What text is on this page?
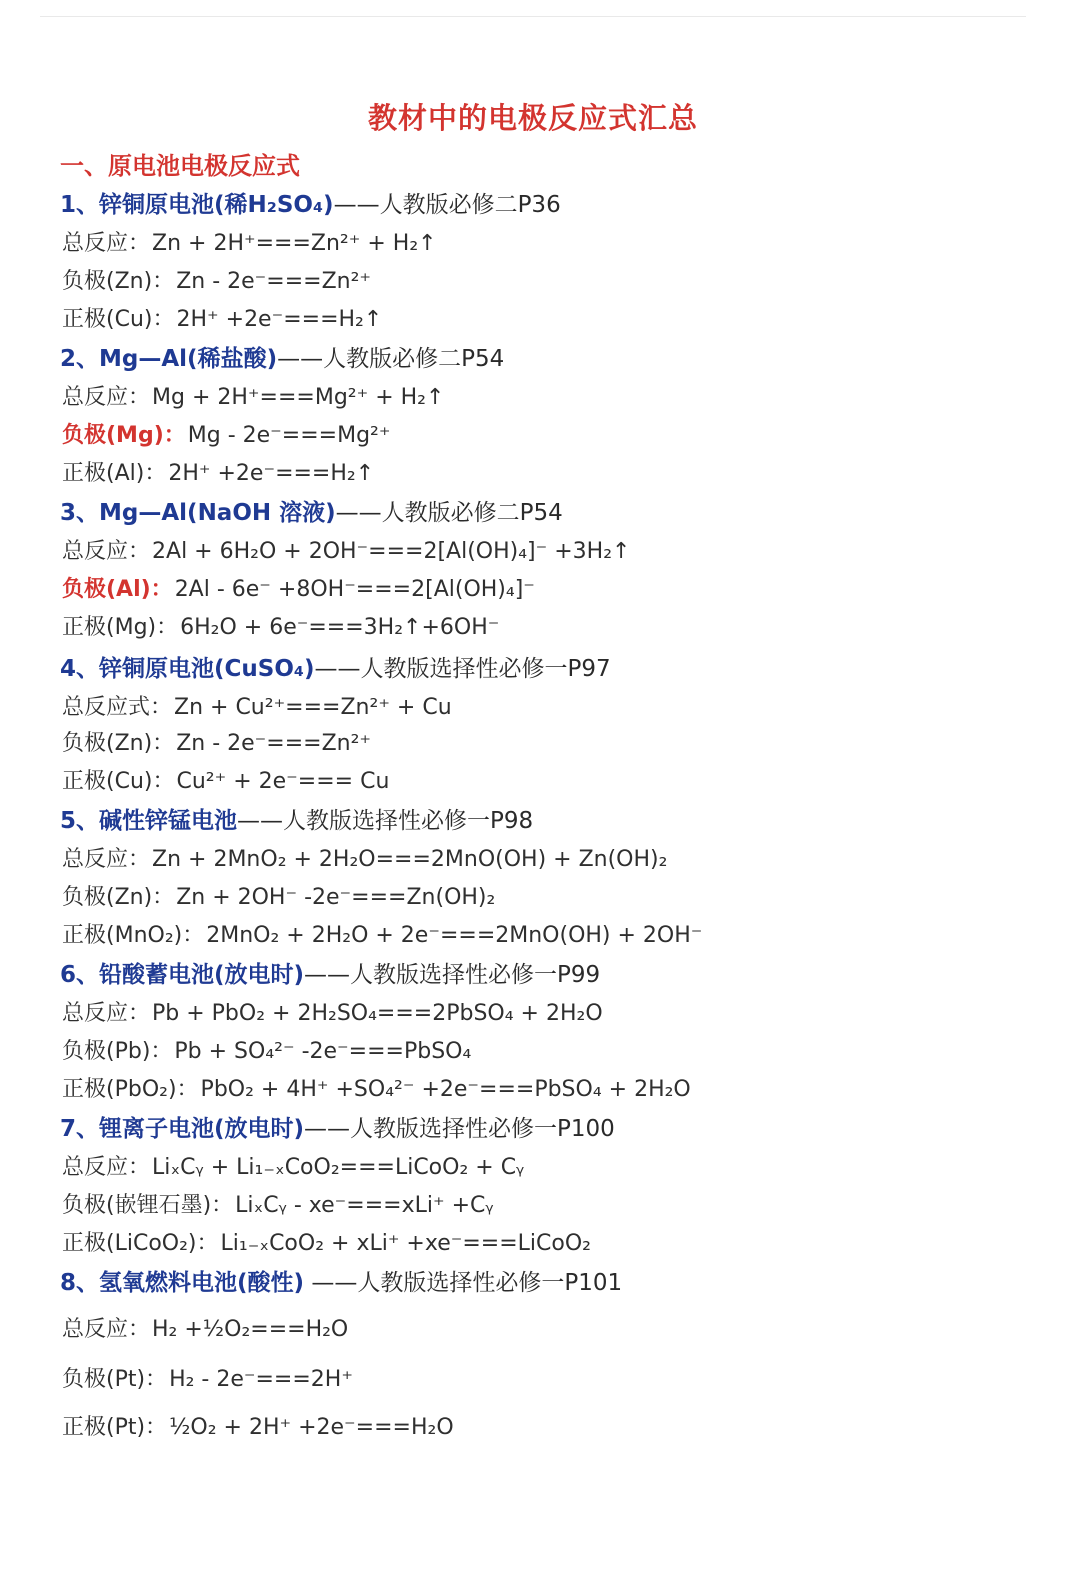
教材中的电极反应式汇总
一、原电池电极反应式
1、锌铜原电池(稀H₂SO₄)——人教版必修二P36
总反应：Zn + 2H⁺===Zn²⁺ + H₂↑
负极(Zn)：Zn - 2e⁻===Zn²⁺
正极(Cu)：2H⁺ +2e⁻===H₂↑
2、Mg—Al(稀盐酸)——人教版必修二P54
总反应：Mg + 2H⁺===Mg²⁺ + H₂↑
负极(Mg)：Mg - 2e⁻===Mg²⁺
正极(Al)：2H⁺ +2e⁻===H₂↑
3、Mg—Al(NaOH 溶液)——人教版必修二P54
总反应：2Al + 6H₂O + 2OH⁻===2[Al(OH)₄]⁻ +3H₂↑
负极(Al)：2Al - 6e⁻ +8OH⁻===2[Al(OH)₄]⁻
正极(Mg)：6H₂O + 6e⁻===3H₂↑+6OH⁻
4、锌铜原电池(CuSO₄)——人教版选择性必修一P97
总反应式：Zn + Cu²⁺===Zn²⁺ + Cu
负极(Zn)：Zn - 2e⁻===Zn²⁺
正极(Cu)：Cu²⁺ + 2e⁻=== Cu
5、碱性锌锰电池——人教版选择性必修一P98
总反应：Zn + 2MnO₂ + 2H₂O===2MnO(OH) + Zn(OH)₂
负极(Zn)：Zn + 2OH⁻ -2e⁻===Zn(OH)₂
正极(MnO₂)：2MnO₂ + 2H₂O + 2e⁻===2MnO(OH) + 2OH⁻
6、铅酸蓄电池(放电时)——人教版选择性必修一P99
总反应：Pb + PbO₂ + 2H₂SO₄===2PbSO₄ + 2H₂O
负极(Pb)：Pb + SO₄²⁻ -2e⁻===PbSO₄
正极(PbO₂)：PbO₂ + 4H⁺ +SO₄²⁻ +2e⁻===PbSO₄ + 2H₂O
7、锂离子电池(放电时)——人教版选择性必修一P100
总反应：LiₓCᵧ + Li₁₋ₓCoO₂===LiCoO₂ + Cᵧ
负极(嵌锂石墨)：LiₓCᵧ - xe⁻===xLi⁺ +Cᵧ
正极(LiCoO₂)：Li₁₋ₓCoO₂ + xLi⁺ +xe⁻===LiCoO₂
8、氢氧燃料电池(酸性) ——人教版选择性必修一P101
总反应：H₂ +½O₂===H₂O
负极(Pt)：H₂ - 2e⁻===2H⁺
正极(Pt)：½O₂ + 2H⁺ +2e⁻===H₂O
